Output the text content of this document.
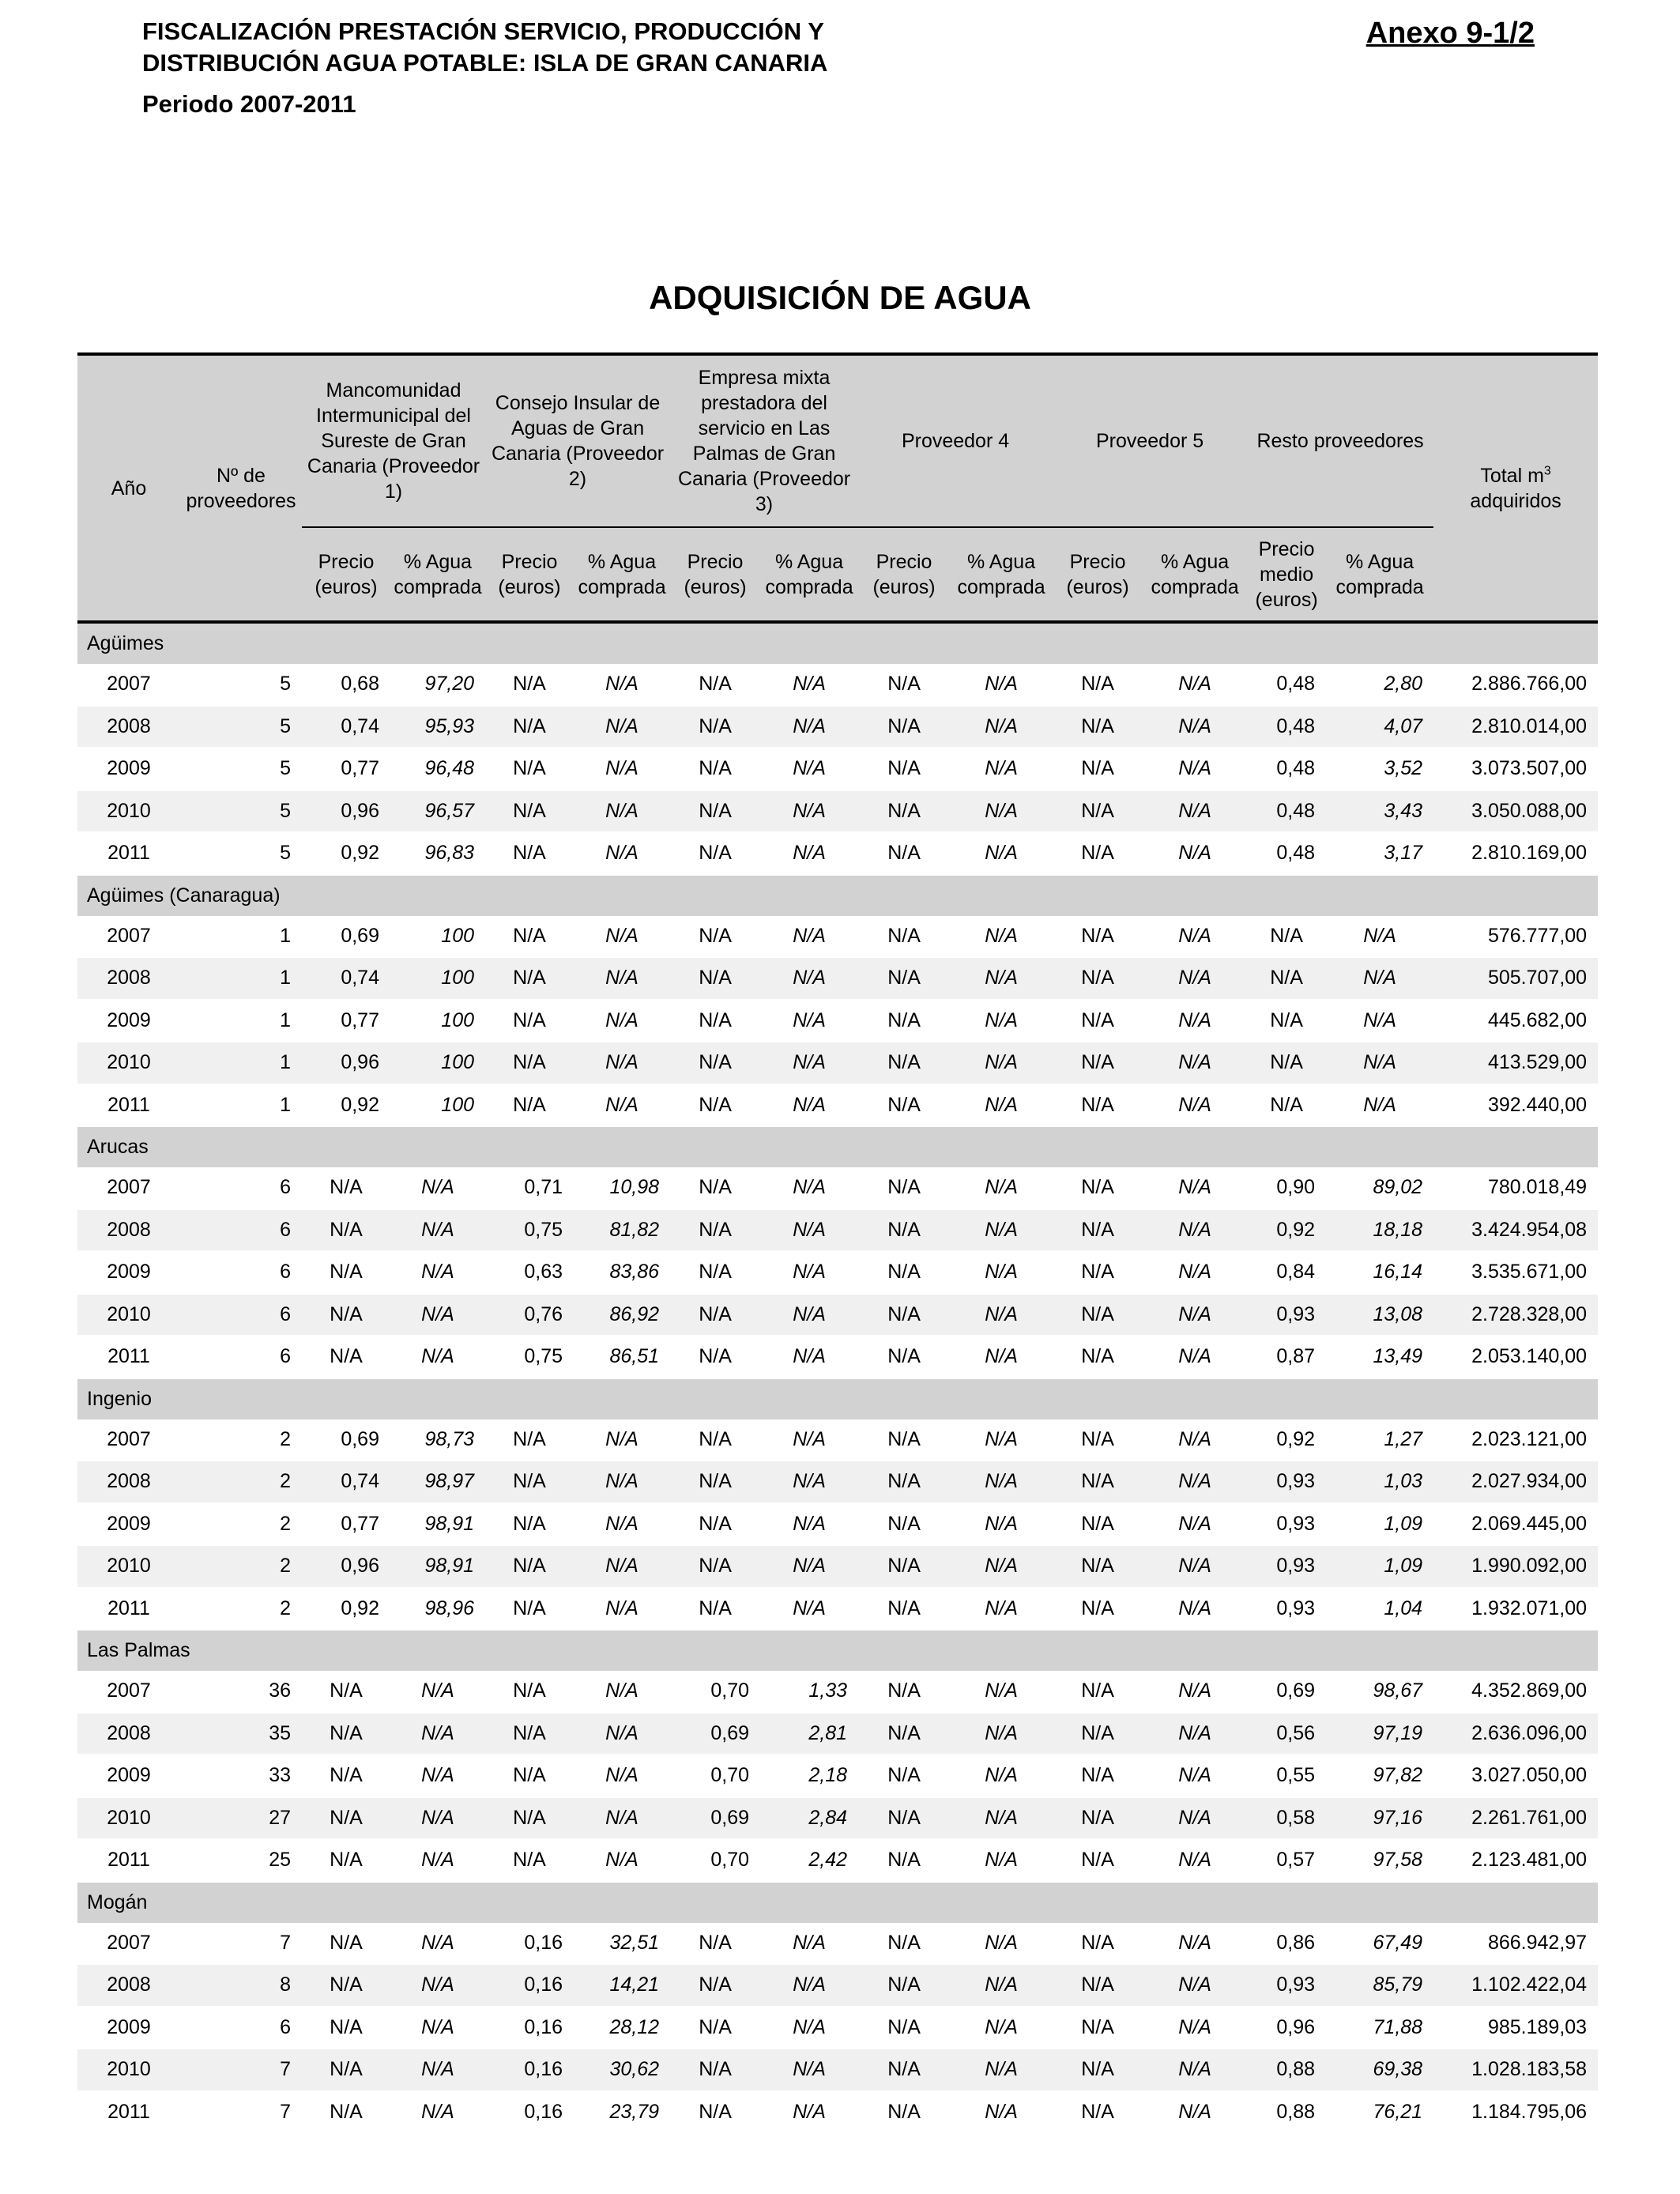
FISCALIZACIÓN PRESTACIÓN SERVICIO, PRODUCCIÓN Y
DISTRIBUCIÓN AGUA POTABLE: ISLA DE GRAN CANARIA
Periodo 2007-2011
Anexo 9-1/2
ADQUISICIÓN DE AGUA
Año	Nº de proveedores	Mancomunidad Intermunicipal del Sureste de Gran Canaria (Proveedor 1)		Consejo Insular de Aguas de Gran Canaria (Proveedor 2)		Empresa mixta prestadora del servicio en Las Palmas de Gran Canaria (Proveedor 3)		Proveedor 4		Proveedor 5		Resto proveedores		Total $m^3$
adquiridos
		Precio (euros)	% Agua comprada	Precio (euros)	% Agua comprada	Precio (euros)	% Agua comprada	Precio (euros)	% Agua comprada	Precio (euros)	% Agua comprada	Precio medio (euros)	% Agua comprada	
Agüimes														
2007	5	0,68	97,20	N/A	N/A	N/A	N/A	N/A	N/A	N/A	N/A	0,48	2,80	2.886.766,00
2008	5	0,74	95,93	N/A	N/A	N/A	N/A	N/A	N/A	N/A	N/A	0,48	4,07	2.810.014,00
2009	5	0,77	96,48	N/A	N/A	N/A	N/A	N/A	N/A	N/A	N/A	0,48	3,52	3.073.507,00
2010	5	0,96	96,57	N/A	N/A	N/A	N/A	N/A	N/A	N/A	N/A	0,48	3,43	3.050.088,00
2011	5	0,92	96,83	N/A	N/A	N/A	N/A	N/A	N/A	N/A	N/A	0,48	3,17	2.810.169,00
Agüimes (Canaragua)														
2007	1	0,69	100	N/A	N/A	N/A	N/A	N/A	N/A	N/A	N/A	N/A	N/A	576.777,00
2008	1	0,74	100	N/A	N/A	N/A	N/A	N/A	N/A	N/A	N/A	N/A	N/A	505.707,00
2009	1	0,77	100	N/A	N/A	N/A	N/A	N/A	N/A	N/A	N/A	N/A	N/A	445.682,00
2010	1	0,96	100	N/A	N/A	N/A	N/A	N/A	N/A	N/A	N/A	N/A	N/A	413.529,00
2011	1	0,92	100	N/A	N/A	N/A	N/A	N/A	N/A	N/A	N/A	N/A	N/A	392.440,00
Arucas														
2007	6	N/A	N/A	0,71	10,98	N/A	N/A	N/A	N/A	N/A	N/A	0,90	89,02	780.018,49
2008	6	N/A	N/A	0,75	81,82	N/A	N/A	N/A	N/A	N/A	N/A	0,92	18,18	3.424.954,08
2009	6	N/A	N/A	0,63	83,86	N/A	N/A	N/A	N/A	N/A	N/A	0,84	16,14	3.535.671,00
2010	6	N/A	N/A	0,76	86,92	N/A	N/A	N/A	N/A	N/A	N/A	0,93	13,08	2.728.328,00
2011	6	N/A	N/A	0,75	86,51	N/A	N/A	N/A	N/A	N/A	N/A	0,87	13,49	2.053.140,00
Ingenio														
2007	2	0,69	98,73	N/A	N/A	N/A	N/A	N/A	N/A	N/A	N/A	0,92	1,27	2.023.121,00
2008	2	0,74	98,97	N/A	N/A	N/A	N/A	N/A	N/A	N/A	N/A	0,93	1,03	2.027.934,00
2009	2	0,77	98,91	N/A	N/A	N/A	N/A	N/A	N/A	N/A	N/A	0,93	1,09	2.069.445,00
2010	2	0,96	98,91	N/A	N/A	N/A	N/A	N/A	N/A	N/A	N/A	0,93	1,09	1.990.092,00
2011	2	0,92	98,96	N/A	N/A	N/A	N/A	N/A	N/A	N/A	N/A	0,93	1,04	1.932.071,00
Las Palmas														
2007	36	N/A	N/A	N/A	N/A	0,70	1,33	N/A	N/A	N/A	N/A	0,69	98,67	4.352.869,00
2008	35	N/A	N/A	N/A	N/A	0,69	2,81	N/A	N/A	N/A	N/A	0,56	97,19	2.636.096,00
2009	33	N/A	N/A	N/A	N/A	0,70	2,18	N/A	N/A	N/A	N/A	0,55	97,82	3.027.050,00
2010	27	N/A	N/A	N/A	N/A	0,69	2,84	N/A	N/A	N/A	N/A	0,58	97,16	2.261.761,00
2011	25	N/A	N/A	N/A	N/A	0,70	2,42	N/A	N/A	N/A	N/A	0,57	97,58	2.123.481,00
Mogán														
2007	7	N/A	N/A	0,16	32,51	N/A	N/A	N/A	N/A	N/A	N/A	0,86	67,49	866.942,97
2008	8	N/A	N/A	0,16	14,21	N/A	N/A	N/A	N/A	N/A	N/A	0,93	85,79	1.102.422,04
2009	6	N/A	N/A	0,16	28,12	N/A	N/A	N/A	N/A	N/A	N/A	0,96	71,88	985.189,03
2010	7	N/A	N/A	0,16	30,62	N/A	N/A	N/A	N/A	N/A	N/A	0,88	69,38	1.028.183,58
2011	7	N/A	N/A	0,16	23,79	N/A	N/A	N/A	N/A	N/A	N/A	0,88	76,21	1.184.795,06
